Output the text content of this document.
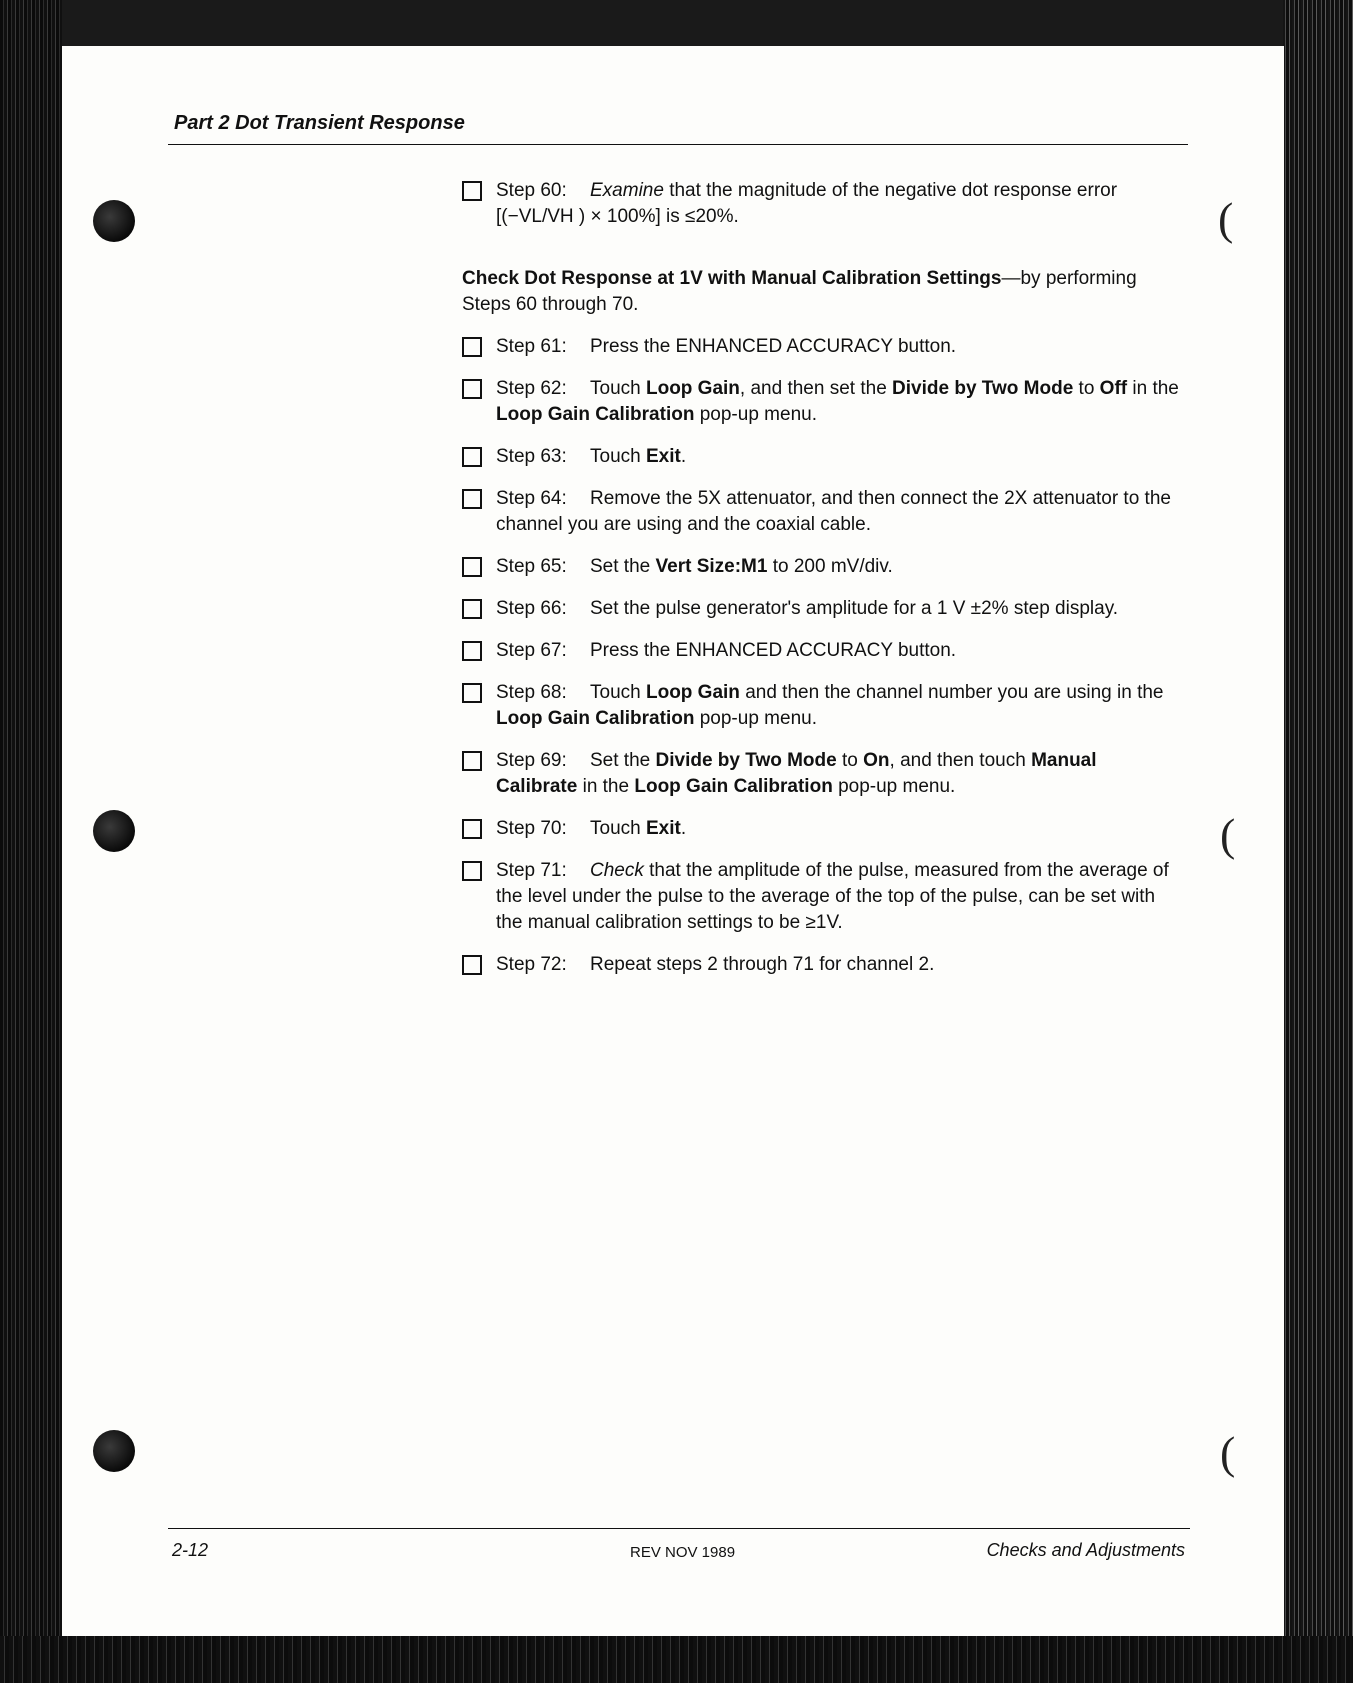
(
(
(
Part 2 Dot Transient Response
Step 60: Examine that the magnitude of the negative dot response error
[(−VL/VH ) × 100%] is ≤20%.
Check Dot Response at 1V with Manual Calibration Settings—by performing Steps 60 through 70.
Step 61: Press the ENHANCED ACCURACY button.
Step 62: Touch Loop Gain, and then set the Divide by Two Mode to Off in the Loop Gain Calibration pop-up menu.
Step 63: Touch Exit.
Step 64: Remove the 5X attenuator, and then connect the 2X attenuator to the channel you are using and the coaxial cable.
Step 65: Set the Vert Size:M1 to 200 mV/div.
Step 66: Set the pulse generator's amplitude for a 1 V ±2% step display.
Step 67: Press the ENHANCED ACCURACY button.
Step 68: Touch Loop Gain and then the channel number you are using in the Loop Gain Calibration pop-up menu.
Step 69: Set the Divide by Two Mode to On, and then touch Manual Calibrate in the Loop Gain Calibration pop-up menu.
Step 70: Touch Exit.
Step 71: Check that the amplitude of the pulse, measured from the average of the level under the pulse to the average of the top of the pulse, can be set with the manual calibration settings to be ≥1V.
Step 72: Repeat steps 2 through 71 for channel 2.
2-12	REV NOV 1989	Checks and Adjustments
